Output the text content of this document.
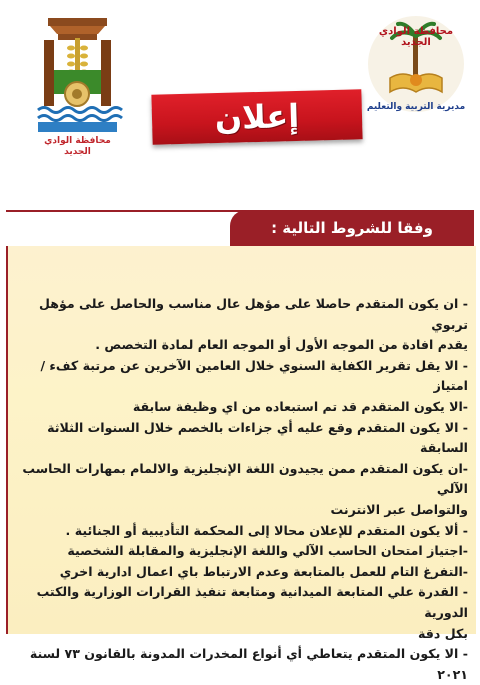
محافظة الوادي الجديد
محافظة الوادي الجديد
مديرية التربية والتعليم
إعلان
وفقا للشروط التالية :
- ان يكون المتقدم حاصلا على مؤهل عال مناسب والحاصل على مؤهل تربوي
يقدم افادة من الموجه الأول أو الموجه العام لمادة التخصص .
- الا يقل تقرير الكفاية السنوي خلال العامين الآخرين عن مرتبة كفء / امتياز
-الا يكون المتقدم قد تم استبعاده من اي وظيفة سابقة
- الا يكون المتقدم وقع عليه أي جزاءات بالخصم خلال السنوات الثلاثة السابقة
-ان يكون المتقدم ممن يجيدون اللغة الإنجليزية والالمام بمهارات الحاسب الآلي
والتواصل عبر الانترنت
- ألا يكون المتقدم للإعلان محالا إلى المحكمة التأديبية أو الجنائية .
-اجتياز امتحان الحاسب الآلي واللغة الإنجليزية والمقابلة الشخصية
-التفرغ التام للعمل بالمتابعة وعدم الارتباط باي اعمال ادارية اخري
- القدرة علي المتابعة الميدانية ومتابعة تنفيذ القرارات الوزارية والكتب الدورية
بكل دقة
- الا يكون المتقدم يتعاطي أي أنواع المخدرات المدونة بالقانون ٧٣ لسنة ٢٠٢١
